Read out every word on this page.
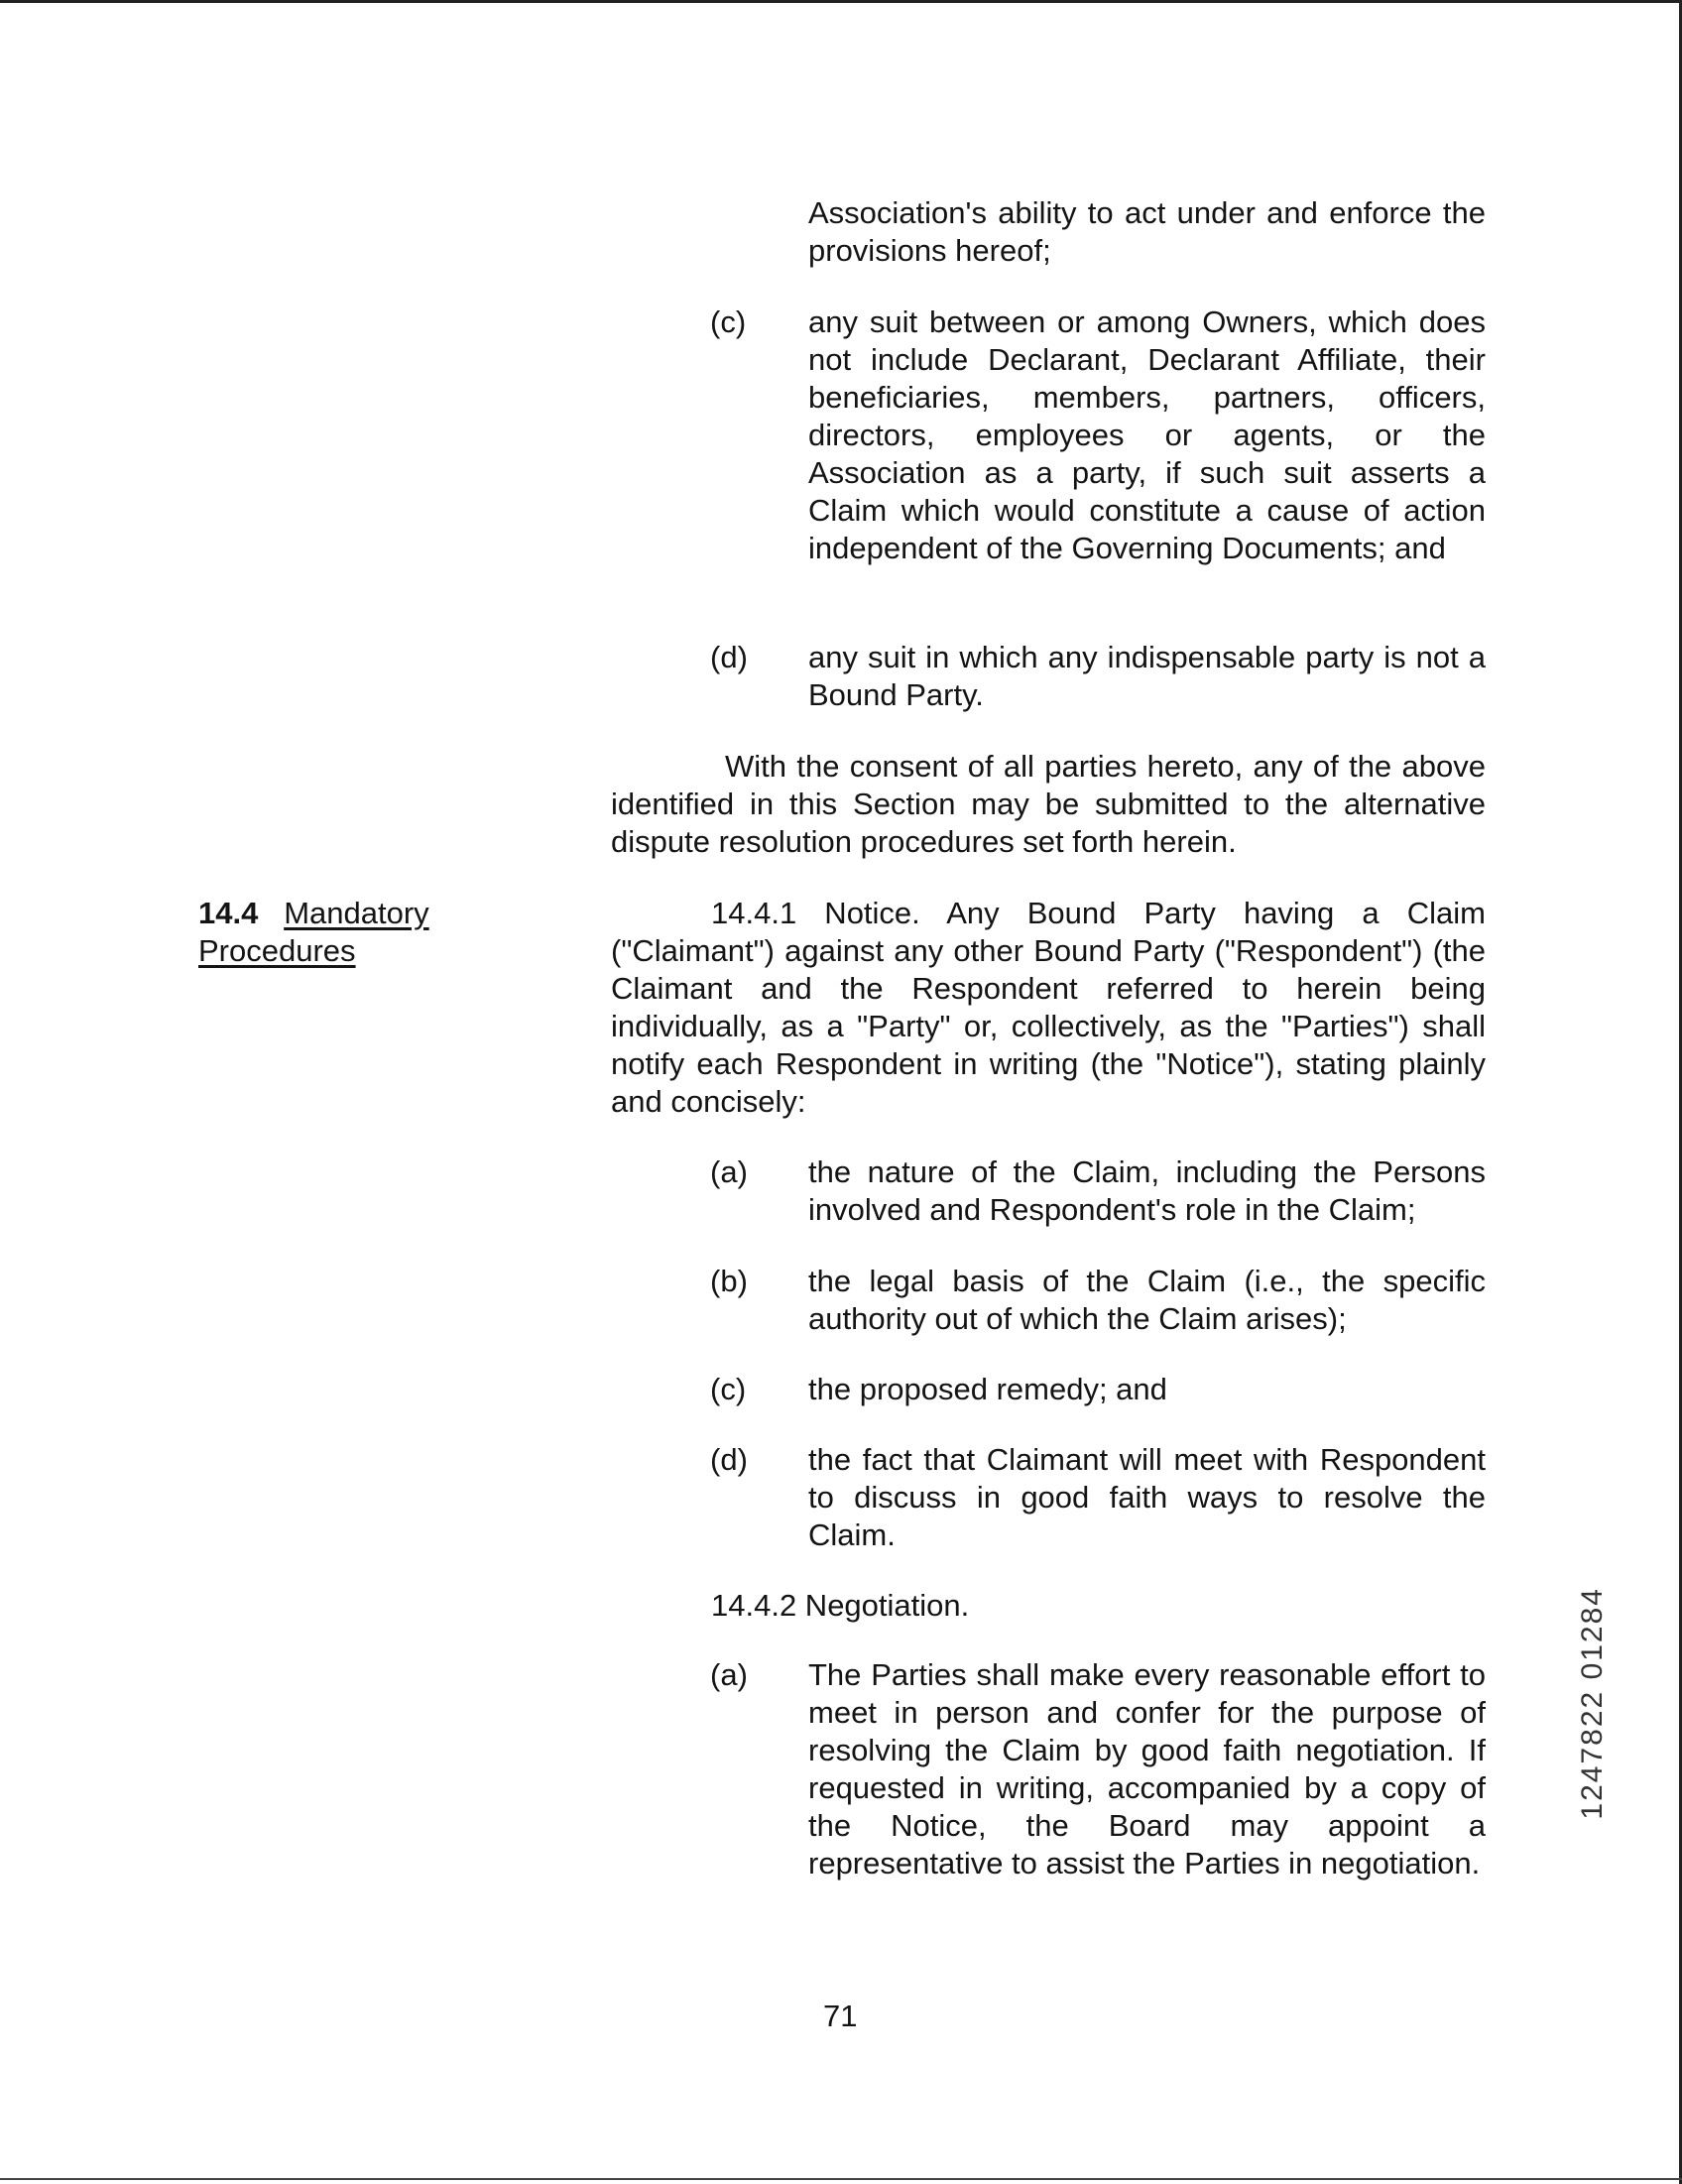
Association's ability to act under and enforce the provisions hereof;
(c) any suit between or among Owners, which does not include Declarant, Declarant Affiliate, their beneficiaries, members, partners, officers, directors, employees or agents, or the Association as a party, if such suit asserts a Claim which would constitute a cause of action independent of the Governing Documents; and
(d) any suit in which any indispensable party is not a Bound Party.
With the consent of all parties hereto, any of the above identified in this Section may be submitted to the alternative dispute resolution procedures set forth herein.
14.4 Mandatory
Procedures
14.4.1 Notice. Any Bound Party having a Claim ("Claimant") against any other Bound Party ("Respondent") (the Claimant and the Respondent referred to herein being individually, as a "Party" or, collectively, as the "Parties") shall notify each Respondent in writing (the "Notice"), stating plainly and concisely:
(a) the nature of the Claim, including the Persons involved and Respondent's role in the Claim;
(b) the legal basis of the Claim (i.e., the specific authority out of which the Claim arises);
(c) the proposed remedy; and
(d) the fact that Claimant will meet with Respondent to discuss in good faith ways to resolve the Claim.
14.4.2 Negotiation.
(a) The Parties shall make every reasonable effort to meet in person and confer for the purpose of resolving the Claim by good faith negotiation. If requested in writing, accompanied by a copy of the Notice, the Board may appoint a representative to assist the Parties in negotiation.
71
1247822 01284
